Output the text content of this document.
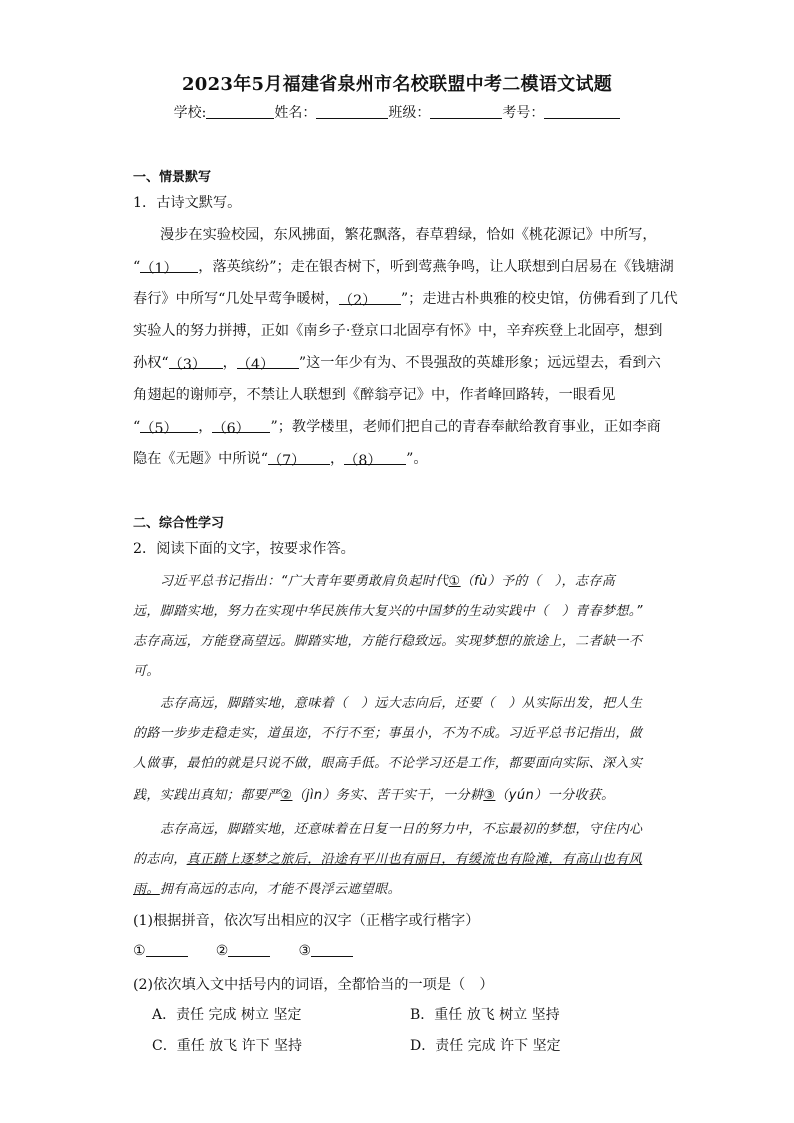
2023年5月福建省泉州市名校联盟中考二模语文试题
学校:	姓名：	班级：	考号：
一、情景默写
1．古诗文默写。
漫步在实验校园，东风拂面，繁花飘落，春草碧绿，恰如《桃花源记》中所写，
“（1） ，落英缤纷”；走在银杏树下，听到莺燕争鸣，让人联想到白居易在《钱塘湖
春行》中所写“几处早莺争暖树，（2） ”；走进古朴典雅的校史馆，仿佛看到了几代
实验人的努力拼搏，正如《南乡子·登京口北固亭有怀》中，辛弃疾登上北固亭，想到
孙权“（3） ，（4） ”这一年少有为、不畏强敌的英雄形象；远远望去，看到六
角翅起的谢师亭，不禁让人联想到《醉翁亭记》中，作者峰回路转，一眼看见
“（5） ，（6） ”；教学楼里，老师们把自己的青春奉献给教育事业，正如李商
隐在《无题》中所说“（7） ，（8） ”。
二、综合性学习
2．阅读下面的文字，按要求作答。
习近平总书记指出：“广大青年要勇敢肩负起时代①（fù）予的（　），志存高
远，脚踏实地，努力在实现中华民族伟大复兴的中国梦的生动实践中（　）青春梦想。”
志存高远，方能登高望远。脚踏实地，方能行稳致远。实现梦想的旅途上，二者缺一不
可。
志存高远，脚踏实地，意味着（　）远大志向后，还要（　）从实际出发，把人生
的路一步步走稳走实，道虽迩，不行不至；事虽小，不为不成。习近平总书记指出，做
人做事，最怕的就是只说不做，眼高手低。不论学习还是工作，都要面向实际、深入实
践，实践出真知；都要严②（jìn）务实、苦干实干，一分耕③（yún）一分收获。
志存高远，脚踏实地，还意味着在日复一日的努力中，不忘最初的梦想，守住内心
的志向，真正踏上逐梦之旅后，沿途有平川也有丽日，有缓流也有险滩，有高山也有风
雨。拥有高远的志向，才能不畏浮云遮望眼。
(1)根据拼音，依次写出相应的汉字（正楷字或行楷字）
①	②	③
(2)依次填入文中括号内的词语，全都恰当的一项是（　）
A．责任 完成 树立 坚定	B．重任 放飞 树立 坚持
C．重任 放飞 许下 坚持	D．责任 完成 许下 坚定
